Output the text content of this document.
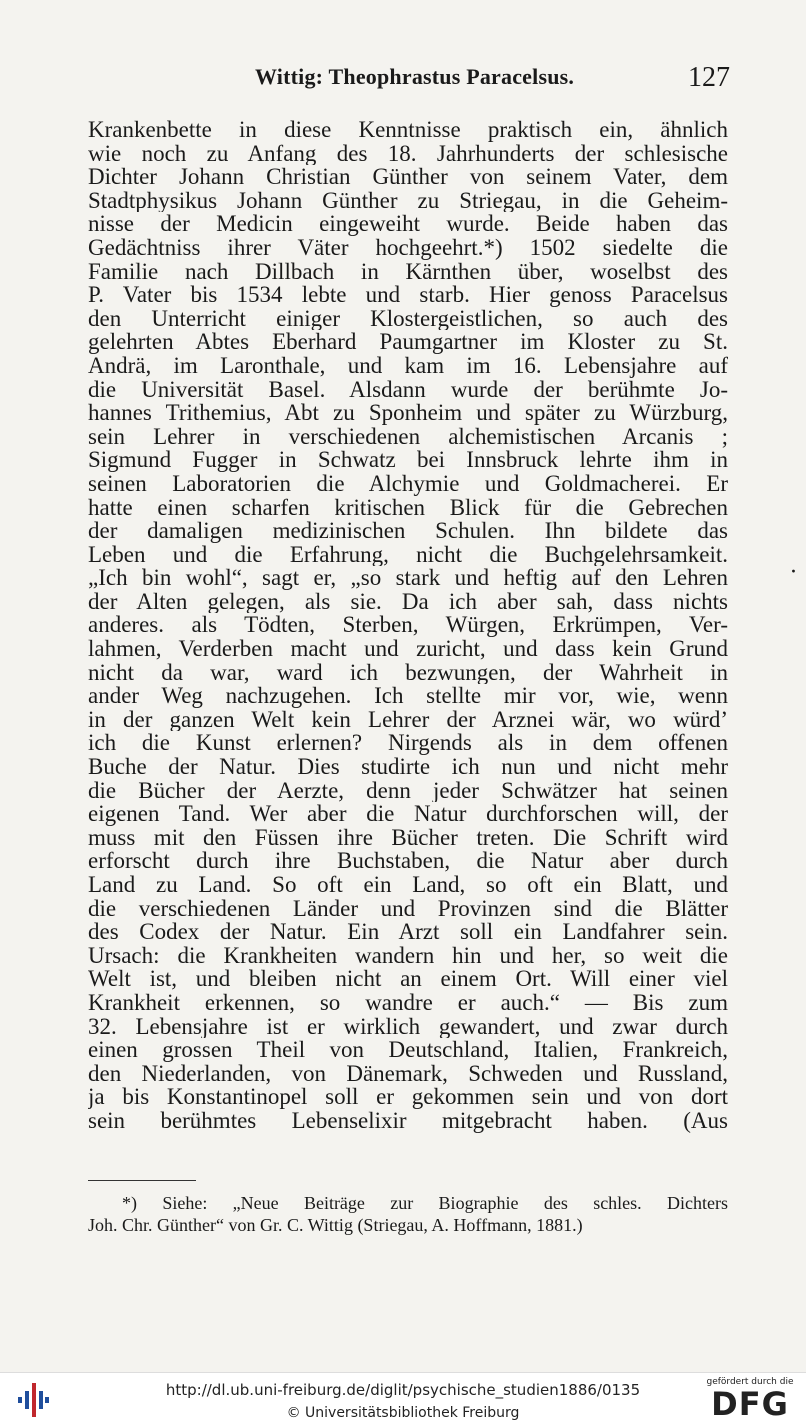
Wittig: Theophrastus Paracelsus.	127
Krankenbette in diese Kenntnisse praktisch ein, ähnlich
wie noch zu Anfang des 18. Jahrhunderts der schlesische
Dichter Johann Christian Günther von seinem Vater, dem
Stadtphysikus Johann Günther zu Striegau, in die Geheim-
nisse der Medicin eingeweiht wurde. Beide haben das
Gedächtniss ihrer Väter hochgeehrt.*) 1502 siedelte die
Familie nach Dillbach in Kärnthen über, woselbst des
P. Vater bis 1534 lebte und starb. Hier genoss Paracelsus
den Unterricht einiger Klostergeistlichen, so auch des
gelehrten Abtes Eberhard Paumgartner im Kloster zu St.
Andrä, im Laronthale, und kam im 16. Lebensjahre auf
die Universität Basel. Alsdann wurde der berühmte Jo-
hannes Trithemius, Abt zu Sponheim und später zu Würzburg,
sein Lehrer in verschiedenen alchemistischen Arcanis ;
Sigmund Fugger in Schwatz bei Innsbruck lehrte ihm in
seinen Laboratorien die Alchymie und Goldmacherei. Er
hatte einen scharfen kritischen Blick für die Gebrechen
der damaligen medizinischen Schulen. Ihn bildete das
Leben und die Erfahrung, nicht die Buchgelehrsamkeit.
„Ich bin wohl“, sagt er, „so stark und heftig auf den Lehren
der Alten gelegen, als sie. Da ich aber sah, dass nichts
anderes. als Tödten, Sterben, Würgen, Erkrümpen, Ver-
lahmen, Verderben macht und zuricht, und dass kein Grund
nicht da war, ward ich bezwungen, der Wahrheit in
ander Weg nachzugehen. Ich stellte mir vor, wie, wenn
in der ganzen Welt kein Lehrer der Arznei wär, wo würd’
ich die Kunst erlernen? Nirgends als in dem offenen
Buche der Natur. Dies studirte ich nun und nicht mehr
die Bücher der Aerzte, denn jeder Schwätzer hat seinen
eigenen Tand. Wer aber die Natur durchforschen will, der
muss mit den Füssen ihre Bücher treten. Die Schrift wird
erforscht durch ihre Buchstaben, die Natur aber durch
Land zu Land. So oft ein Land, so oft ein Blatt, und
die verschiedenen Länder und Provinzen sind die Blätter
des Codex der Natur. Ein Arzt soll ein Landfahrer sein.
Ursach: die Krankheiten wandern hin und her, so weit die
Welt ist, und bleiben nicht an einem Ort. Will einer viel
Krankheit erkennen, so wandre er auch.“ — Bis zum
32. Lebensjahre ist er wirklich gewandert, und zwar durch
einen grossen Theil von Deutschland, Italien, Frankreich,
den Niederlanden, von Dänemark, Schweden und Russland,
ja bis Konstantinopel soll er gekommen sein und von dort
sein berühmtes Lebenselixir mitgebracht haben. (Aus
·
*) Siehe: „Neue Beiträge zur Biographie des schles. Dichters
Joh. Chr. Günther“ von Gr. C. Wittig (Striegau, A. Hoffmann, 1881.)
http://dl.ub.uni-freiburg.de/diglit/psychische_studien1886/0135
© Universitätsbibliothek Freiburg
gefördert durch die
DFG
